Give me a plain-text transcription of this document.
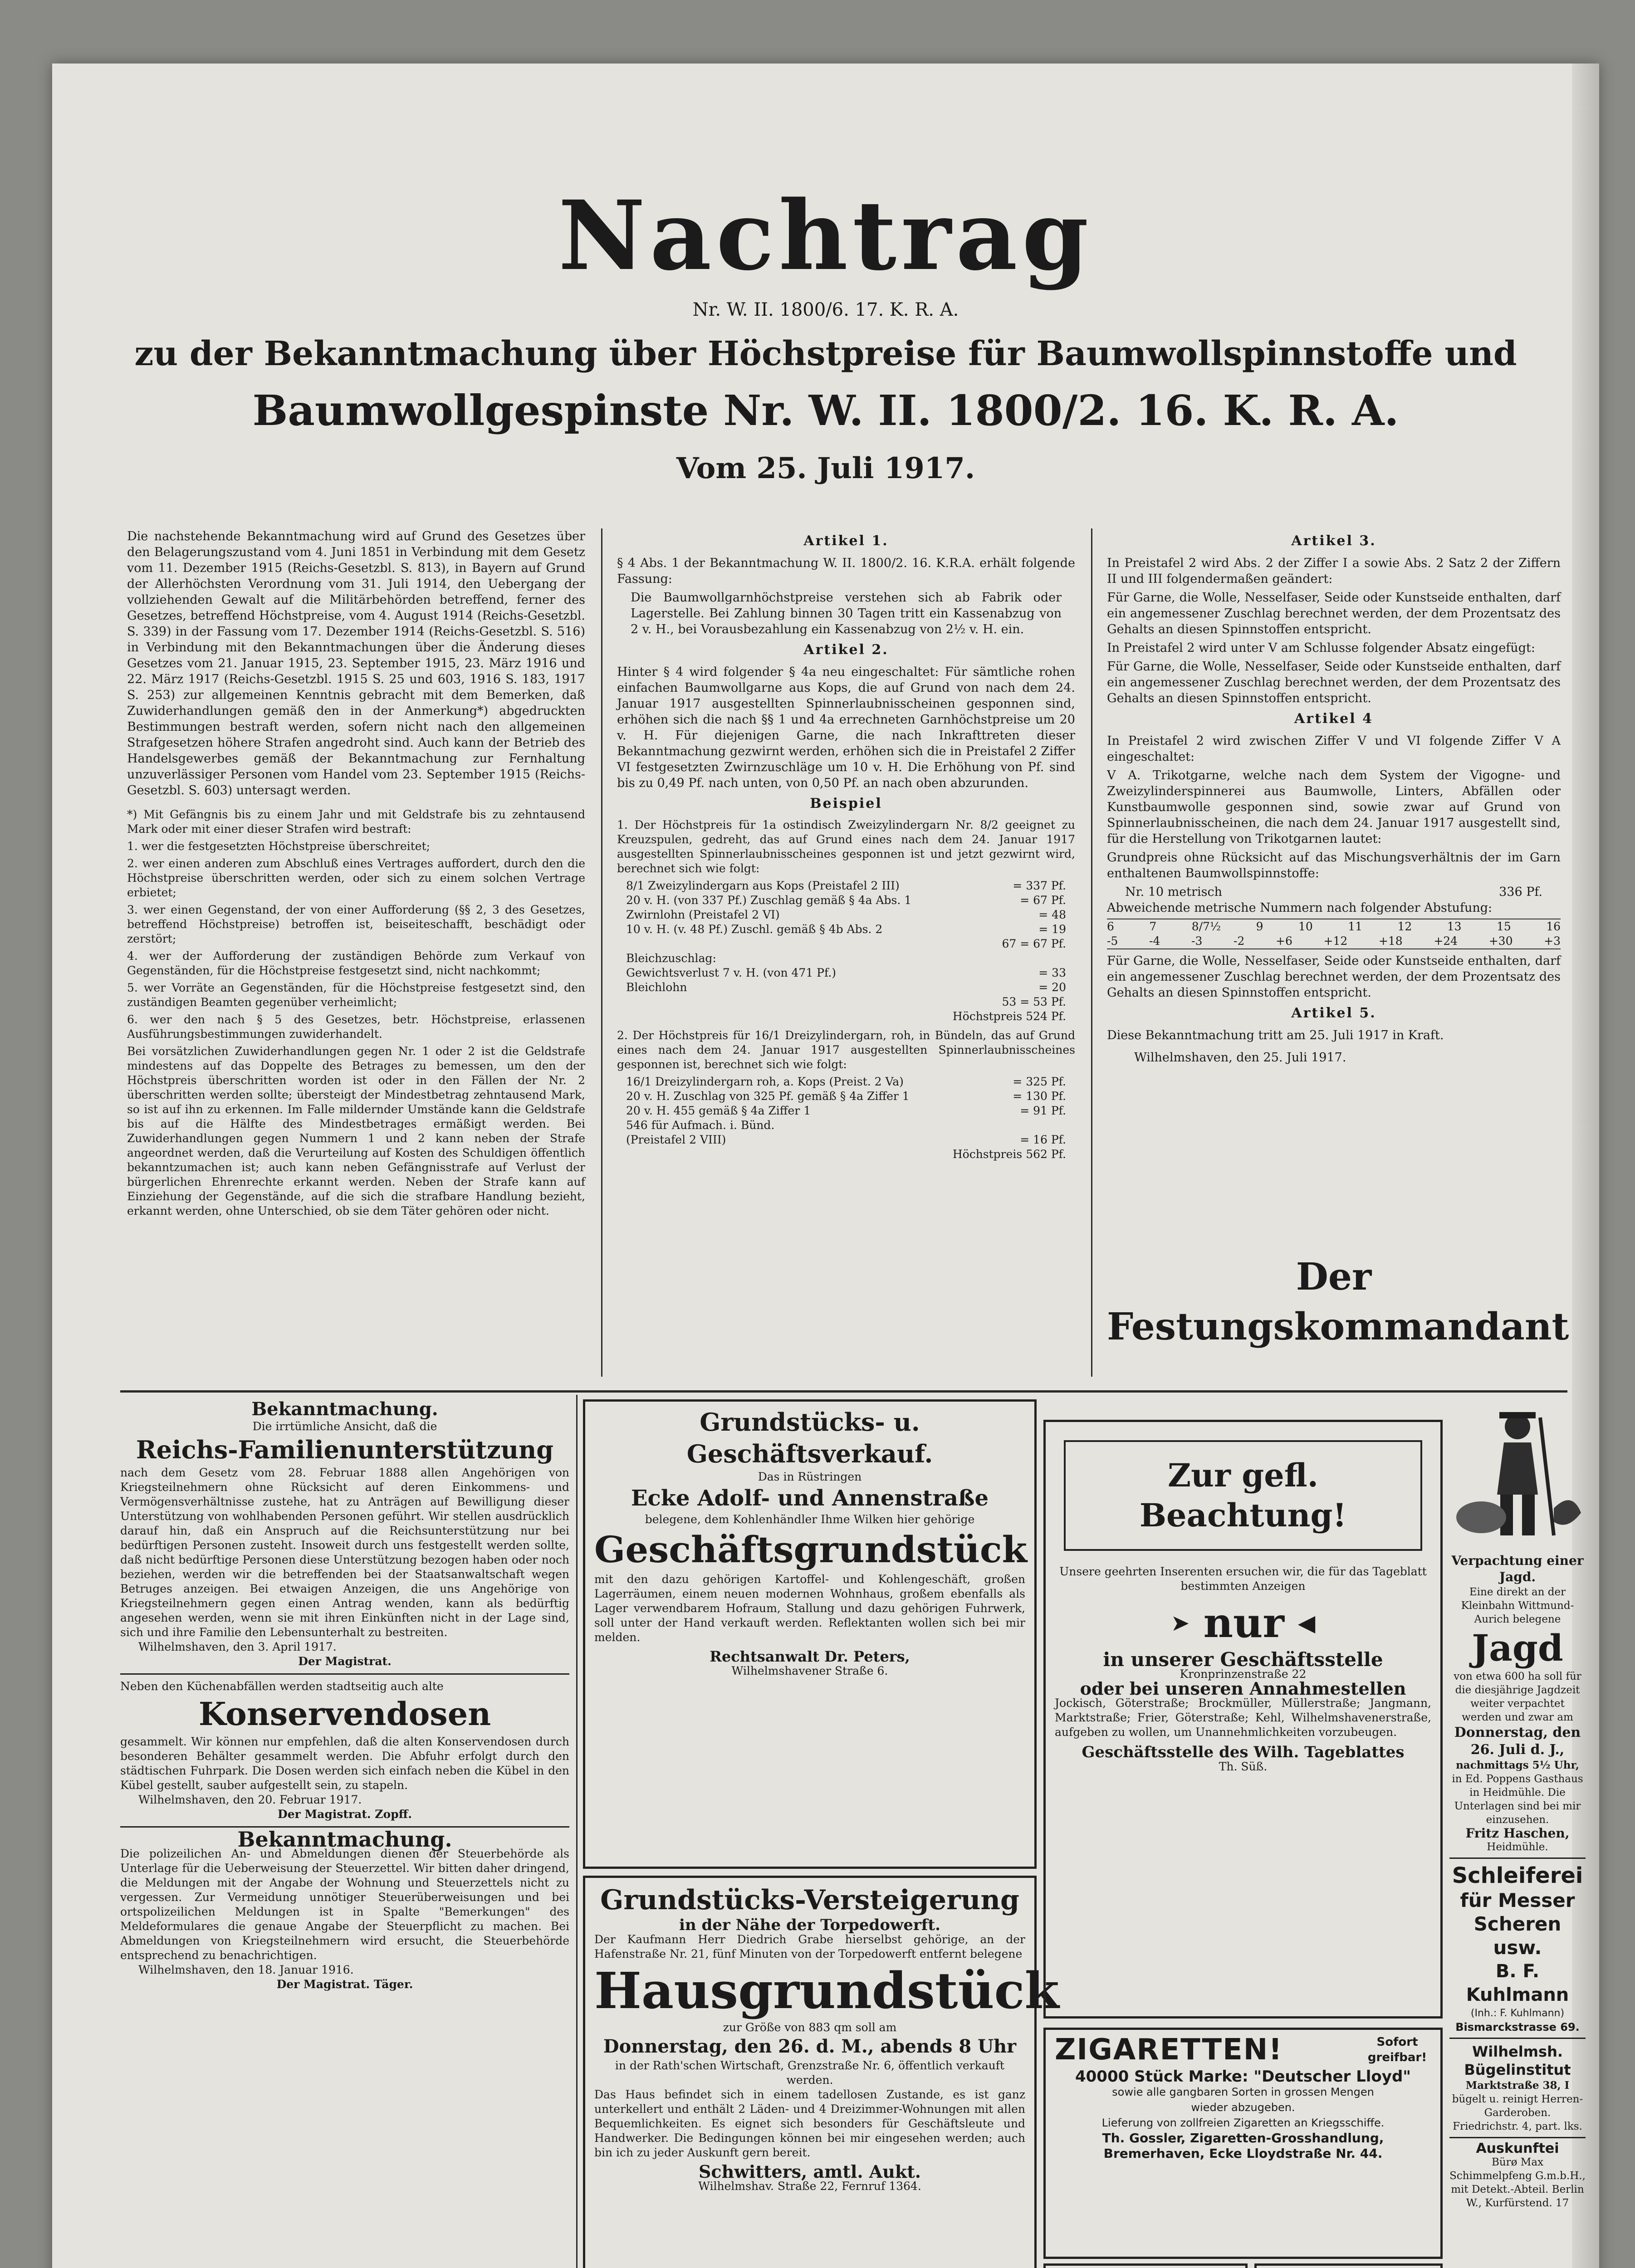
Nachtrag
Nr. W. II. 1800/6. 17. K. R. A.
zu der Bekanntmachung über Höchstpreise für Baumwollspinnstoffe und
Baumwollgespinste Nr. W. II. 1800/2. 16. K. R. A.
Vom 25. Juli 1917.

Die nachstehende Bekanntmachung wird auf Grund des Gesetzes über den Belagerungszustand vom 4. Juni 1851 in Verbindung mit dem Gesetz vom 11. Dezember 1915 (Reichs-Gesetzbl. S. 813), in Bayern auf Grund der Allerhöchsten Verordnung vom 31. Juli 1914, den Uebergang der vollziehenden Gewalt auf die Militärbehörden betreffend, ferner des Gesetzes, betreffend Höchstpreise, vom 4. August 1914 (Reichs-Gesetzbl. S. 339) in der Fassung vom 17. Dezember 1914 (Reichs-Gesetzbl. S. 516) in Verbindung mit den Bekanntmachungen über die Änderung dieses Gesetzes vom 21. Januar 1915, 23. September 1915, 23. März 1916 und 22. März 1917 (Reichs-Gesetzbl. 1915 S. 25 und 603, 1916 S. 183, 1917 S. 253) zur allgemeinen Kenntnis gebracht mit dem Bemerken, daß Zuwiderhandlungen gemäß den in der Anmerkung*) abgedruckten Bestimmungen bestraft werden, sofern nicht nach den allgemeinen Strafgesetzen höhere Strafen angedroht sind. Auch kann der Betrieb des Handelsgewerbes gemäß der Bekanntmachung zur Fernhaltung unzuverlässiger Personen vom Handel vom 23. September 1915 (Reichs-Gesetzbl. S. 603) untersagt werden.

*) Mit Gefängnis bis zu einem Jahr und mit Geldstrafe bis zu zehntausend Mark oder mit einer dieser Strafen wird bestraft:

1. wer die festgesetzten Höchstpreise überschreitet;

2. wer einen anderen zum Abschluß eines Vertrages auffordert, durch den die Höchstpreise überschritten werden, oder sich zu einem solchen Vertrage erbietet;

3. wer einen Gegenstand, der von einer Aufforderung (§§ 2, 3 des Gesetzes, betreffend Höchstpreise) betroffen ist, beiseiteschafft, beschädigt oder zerstört;

4. wer der Aufforderung der zuständigen Behörde zum Verkauf von Gegenständen, für die Höchstpreise festgesetzt sind, nicht nachkommt;

5. wer Vorräte an Gegenständen, für die Höchstpreise festgesetzt sind, den zuständigen Beamten gegenüber verheimlicht;

6. wer den nach § 5 des Gesetzes, betr. Höchstpreise, erlassenen Ausführungsbestimmungen zuwiderhandelt.

Bei vorsätzlichen Zuwiderhandlungen gegen Nr. 1 oder 2 ist die Geldstrafe mindestens auf das Doppelte des Betrages zu bemessen, um den der Höchstpreis überschritten worden ist oder in den Fällen der Nr. 2 überschritten werden sollte; übersteigt der Mindestbetrag zehntausend Mark, so ist auf ihn zu erkennen. Im Falle mildernder Umstände kann die Geldstrafe bis auf die Hälfte des Mindestbetrages ermäßigt werden. Bei Zuwiderhandlungen gegen Nummern 1 und 2 kann neben der Strafe angeordnet werden, daß die Verurteilung auf Kosten des Schuldigen öffentlich bekanntzumachen ist; auch kann neben Gefängnisstrafe auf Verlust der bürgerlichen Ehrenrechte erkannt werden. Neben der Strafe kann auf Einziehung der Gegenstände, auf die sich die strafbare Handlung bezieht, erkannt werden, ohne Unterschied, ob sie dem Täter gehören oder nicht.

Artikel 1.

§ 4 Abs. 1 der Bekanntmachung W. II. 1800/2. 16. K.R.A. erhält folgende Fassung:

Die Baumwollgarnhöchstpreise verstehen sich ab Fabrik oder Lagerstelle. Bei Zahlung binnen 30 Tagen tritt ein Kassenabzug von 2 v. H., bei Vorausbezahlung ein Kassenabzug von 2½ v. H. ein.

Artikel 2.

Hinter § 4 wird folgender § 4a neu eingeschaltet: Für sämtliche rohen einfachen Baumwollgarne aus Kops, die auf Grund von nach dem 24. Januar 1917 ausgestellten Spinnerlaubnisscheinen gesponnen sind, erhöhen sich die nach §§ 1 und 4a errechneten Garnhöchstpreise um 20 v. H. Für diejenigen Garne, die nach Inkrafttreten dieser Bekanntmachung gezwirnt werden, erhöhen sich die in Preistafel 2 Ziffer VI festgesetzten Zwirnzuschläge um 10 v. H. Die Erhöhung von Pf. sind bis zu 0,49 Pf. nach unten, von 0,50 Pf. an nach oben abzurunden.

Beispiel

1. Der Höchstpreis für 1a ostindisch Zweizylindergarn Nr. 8/2 geeignet zu Kreuzspulen, gedreht, das auf Grund eines nach dem 24. Januar 1917 ausgestellten Spinnerlaubnisscheines gesponnen ist und jetzt gezwirnt wird, berechnet sich wie folgt:

8/1 Zweizylindergarn aus Kops (Preistafel 2 III)	= 337 Pf.
20 v. H. (von 337 Pf.) Zuschlag gemäß § 4a Abs. 1	= 67 Pf.
Zwirnlohn (Preistafel 2 VI)	= 48
10 v. H. (v. 48 Pf.) Zuschl. gemäß § 4b Abs. 2	= 19
67 = 67 Pf.
Bleichzuschlag:
Gewichtsverlust 7 v. H. (von 471 Pf.)	= 33
Bleichlohn	= 20
53 = 53 Pf.
Höchstpreis 524 Pf.

2. Der Höchstpreis für 16/1 Dreizylindergarn, roh, in Bündeln, das auf Grund eines nach dem 24. Januar 1917 ausgestellten Spinnerlaubnisscheines gesponnen ist, berechnet sich wie folgt:

16/1 Dreizylindergarn roh, a. Kops (Preist. 2 Va)	= 325 Pf.
20 v. H. Zuschlag von 325 Pf. gemäß § 4a Ziffer 1	= 130 Pf.
20 v. H. 455 gemäß § 4a Ziffer 1	= 91 Pf.
546 für Aufmach. i. Bünd.
(Preistafel 2 VIII)	= 16 Pf.
Höchstpreis 562 Pf.
Artikel 3.

In Preistafel 2 wird Abs. 2 der Ziffer I a sowie Abs. 2 Satz 2 der Ziffern II und III folgendermaßen geändert:

Für Garne, die Wolle, Nesselfaser, Seide oder Kunstseide enthalten, darf ein angemessener Zuschlag berechnet werden, der dem Prozentsatz des Gehalts an diesen Spinnstoffen entspricht.

In Preistafel 2 wird unter V am Schlusse folgender Absatz eingefügt:

Für Garne, die Wolle, Nesselfaser, Seide oder Kunstseide enthalten, darf ein angemessener Zuschlag berechnet werden, der dem Prozentsatz des Gehalts an diesen Spinnstoffen entspricht.

Artikel 4

In Preistafel 2 wird zwischen Ziffer V und VI folgende Ziffer V A eingeschaltet:

V A. Trikotgarne, welche nach dem System der Vigogne- und Zweizylinderspinnerei aus Baumwolle, Linters, Abfällen oder Kunstbaumwolle gesponnen sind, sowie zwar auf Grund von Spinnerlaubnisscheinen, die nach dem 24. Januar 1917 ausgestellt sind, für die Herstellung von Trikotgarnen lautet:

Grundpreis ohne Rücksicht auf das Mischungsverhältnis der im Garn enthaltenen Baumwollspinnstoffe:

Nr. 10 metrisch	336 Pf.

Abweichende metrische Nummern nach folgender Abstufung:

6	7	8/7½	9	10	11	12	13	15	16
-5	-4	-3	-2	+6	+12	+18	+24	+30	+3

Für Garne, die Wolle, Nesselfaser, Seide oder Kunstseide enthalten, darf ein angemessener Zuschlag berechnet werden, der dem Prozentsatz des Gehalts an diesen Spinnstoffen entspricht.

Artikel 5.

Diese Bekanntmachung tritt am 25. Juli 1917 in Kraft.

Wilhelmshaven, den 25. Juli 1917.

Der Festungskommandant
Bekanntmachung.

Die irrtümliche Ansicht, daß die

Reichs-Familienunterstützung

nach dem Gesetz vom 28. Februar 1888 allen Angehörigen von Kriegsteilnehmern ohne Rücksicht auf deren Einkommens- und Vermögensverhältnisse zustehe, hat zu Anträgen auf Bewilligung dieser Unterstützung von wohlhabenden Personen geführt. Wir stellen ausdrücklich darauf hin, daß ein Anspruch auf die Reichsunterstützung nur bei bedürftigen Personen zusteht. Insoweit durch uns festgestellt werden sollte, daß nicht bedürftige Personen diese Unterstützung bezogen haben oder noch beziehen, werden wir die betreffenden bei der Staatsanwaltschaft wegen Betruges anzeigen. Bei etwaigen Anzeigen, die uns Angehörige von Kriegsteilnehmern gegen einen Antrag wenden, kann als bedürftig angesehen werden, wenn sie mit ihren Einkünften nicht in der Lage sind, sich und ihre Familie den Lebensunterhalt zu bestreiten.

Wilhelmshaven, den 3. April 1917.

Der Magistrat.

Neben den Küchenabfällen werden stadtseitig auch alte

Konservendosen

gesammelt. Wir können nur empfehlen, daß die alten Konservendosen durch besonderen Behälter gesammelt werden. Die Abfuhr erfolgt durch den städtischen Fuhrpark. Die Dosen werden sich einfach neben die Kübel in den Kübel gestellt, sauber aufgestellt sein, zu stapeln.

Wilhelmshaven, den 20. Februar 1917.

Der Magistrat. Zopff.

Bekanntmachung.

Die polizeilichen An- und Abmeldungen dienen der Steuerbehörde als Unterlage für die Ueberweisung der Steuerzettel. Wir bitten daher dringend, die Meldungen mit der Angabe der Wohnung und Steuerzettels nicht zu vergessen. Zur Vermeidung unnötiger Steuerüberweisungen und bei ortspolizeilichen Meldungen ist in Spalte "Bemerkungen" des Meldeformulares die genaue Angabe der Steuerpflicht zu machen. Bei Abmeldungen von Kriegsteilnehmern wird ersucht, die Steuerbehörde entsprechend zu benachrichtigen.

Wilhelmshaven, den 18. Januar 1916.

Der Magistrat. Täger.

Grundstücks- u. Geschäftsverkauf.

Das in Rüstringen

Ecke Adolf- und Annenstraße

belegene, dem Kohlenhändler Ihme Wilken hier gehörige

Geschäftsgrundstück

mit den dazu gehörigen Kartoffel- und Kohlengeschäft, großen Lagerräumen, einem neuen modernen Wohnhaus, großem ebenfalls als Lager verwendbarem Hofraum, Stallung und dazu gehörigen Fuhrwerk, soll unter der Hand verkauft werden. Reflektanten wollen sich bei mir melden.

Rechtsanwalt Dr. Peters,

Wilhelmshavener Straße 6.

Grundstücks-Versteigerung
in der Nähe der Torpedowerft.

Der Kaufmann Herr Diedrich Grabe hierselbst gehörige, an der Hafenstraße Nr. 21, fünf Minuten von der Torpedowerft entfernt belegene

Hausgrundstück

zur Größe von 883 qm soll am

Donnerstag, den 26. d. M., abends 8 Uhr

in der Rath'schen Wirtschaft, Grenzstraße Nr. 6, öffentlich verkauft werden.

Das Haus befindet sich in einem tadellosen Zustande, es ist ganz unterkellert und enthält 2 Läden- und 4 Dreizimmer-Wohnungen mit allen Bequemlichkeiten. Es eignet sich besonders für Geschäftsleute und Handwerker. Die Bedingungen können bei mir eingesehen werden; auch bin ich zu jeder Auskunft gern bereit.

Schwitters, amtl. Aukt.

Wilhelmshav. Straße 22, Fernruf 1364.

Zur gefl. Beachtung!

Unsere geehrten Inserenten ersuchen wir, die für das Tageblatt bestimmten Anzeigen

➤ nur ◀
in unserer Geschäftsstelle

Kronprinzenstraße 22

oder bei unseren Annahmestellen

Jockisch, Göterstraße; Brockmüller, Müllerstraße; Jangmann, Marktstraße; Frier, Göterstraße; Kehl, Wilhelmshavenerstraße, aufgeben zu wollen, um Unannehmlichkeiten vorzubeugen.

Geschäftsstelle des Wilh. Tageblattes

Th. Süß.

ZIGARETTEN!	Sofort greifbar!

40000 Stück Marke: "Deutscher Lloyd"

sowie alle gangbaren Sorten in grossen Mengen

wieder abzugeben.

Lieferung von zollfreien Zigaretten an Kriegsschiffe.

Th. Gossler, Zigaretten-Grosshandlung,

Bremerhaven, Ecke Lloydstraße Nr. 44.

Verpachtung einer Jagd.

Eine direkt an der Kleinbahn Wittmund-Aurich belegene

Jagd

von etwa 600 ha soll für die diesjährige Jagdzeit weiter verpachtet werden und zwar am

Donnerstag, den 26. Juli d. J.,

nachmittags 5½ Uhr,

in Ed. Poppens Gasthaus in Heidmühle. Die Unterlagen sind bei mir einzusehen.

Fritz Haschen,

Heidmühle.

Schleiferei
für Messer
Scheren usw.
B. F. Kuhlmann
(Inh.: F. Kuhlmann)
Bismarckstrasse 69.
Wilhelmsh. Bügelinstitut

Marktstraße 38, I

bügelt u. reinigt Herren-Garderoben.

Friedrichstr. 4, part. lks.

Auskunftei

Bürø Max Schimmelpfeng G.m.b.H., mit Detekt.-Abteil. Berlin W., Kurfürstend. 17
